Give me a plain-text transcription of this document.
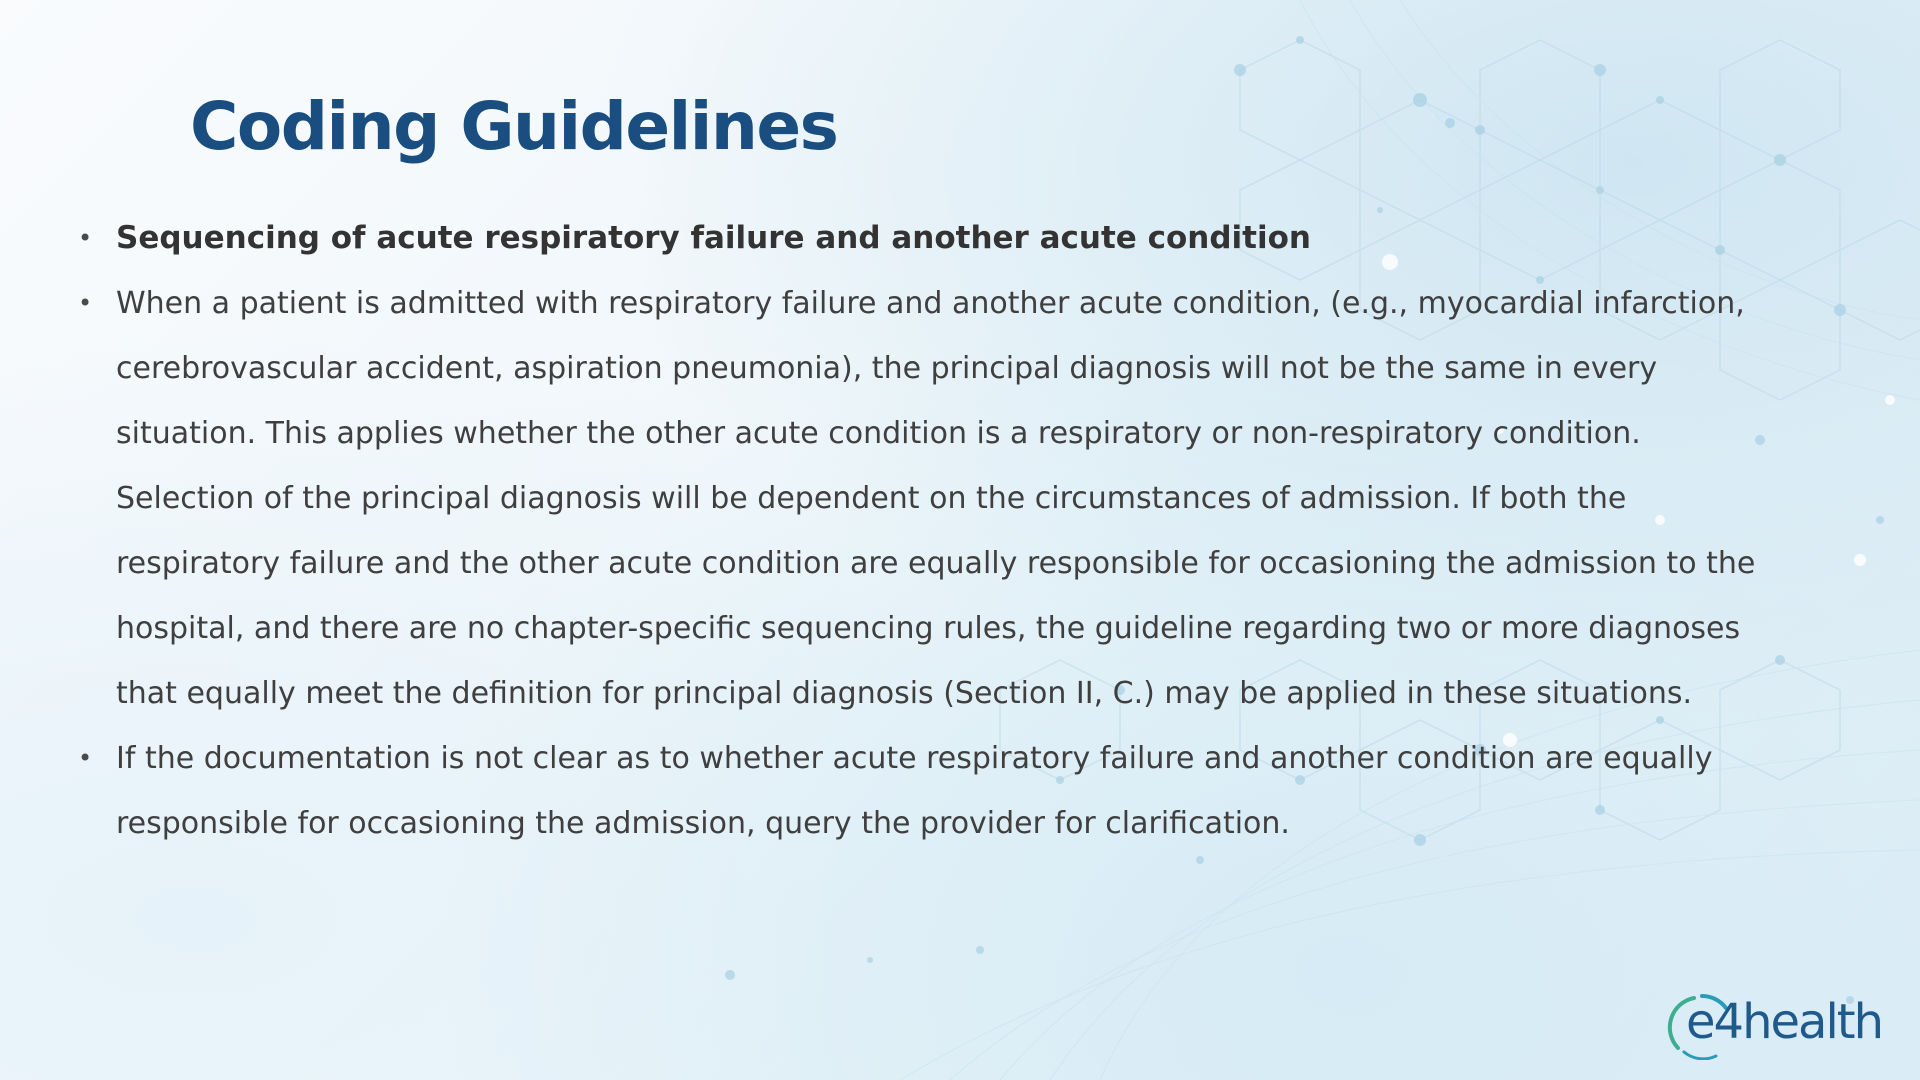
Coding Guidelines
• Sequencing of acute respiratory failure and another acute condition
• When a patient is admitted with respiratory failure and another acute condition, (e.g., myocardial infarction, cerebrovascular accident, aspiration pneumonia), the principal diagnosis will not be the same in every situation. This applies whether the other acute condition is a respiratory or non-respiratory condition. Selection of the principal diagnosis will be dependent on the circumstances of admission. If both the respiratory failure and the other acute condition are equally responsible for occasioning the admission to the hospital, and there are no chapter-specific sequencing rules, the guideline regarding two or more diagnoses that equally meet the definition for principal diagnosis (Section II, C.) may be applied in these situations.
• If the documentation is not clear as to whether acute respiratory failure and another condition are equally responsible for occasioning the admission, query the provider for clarification.
e4health
